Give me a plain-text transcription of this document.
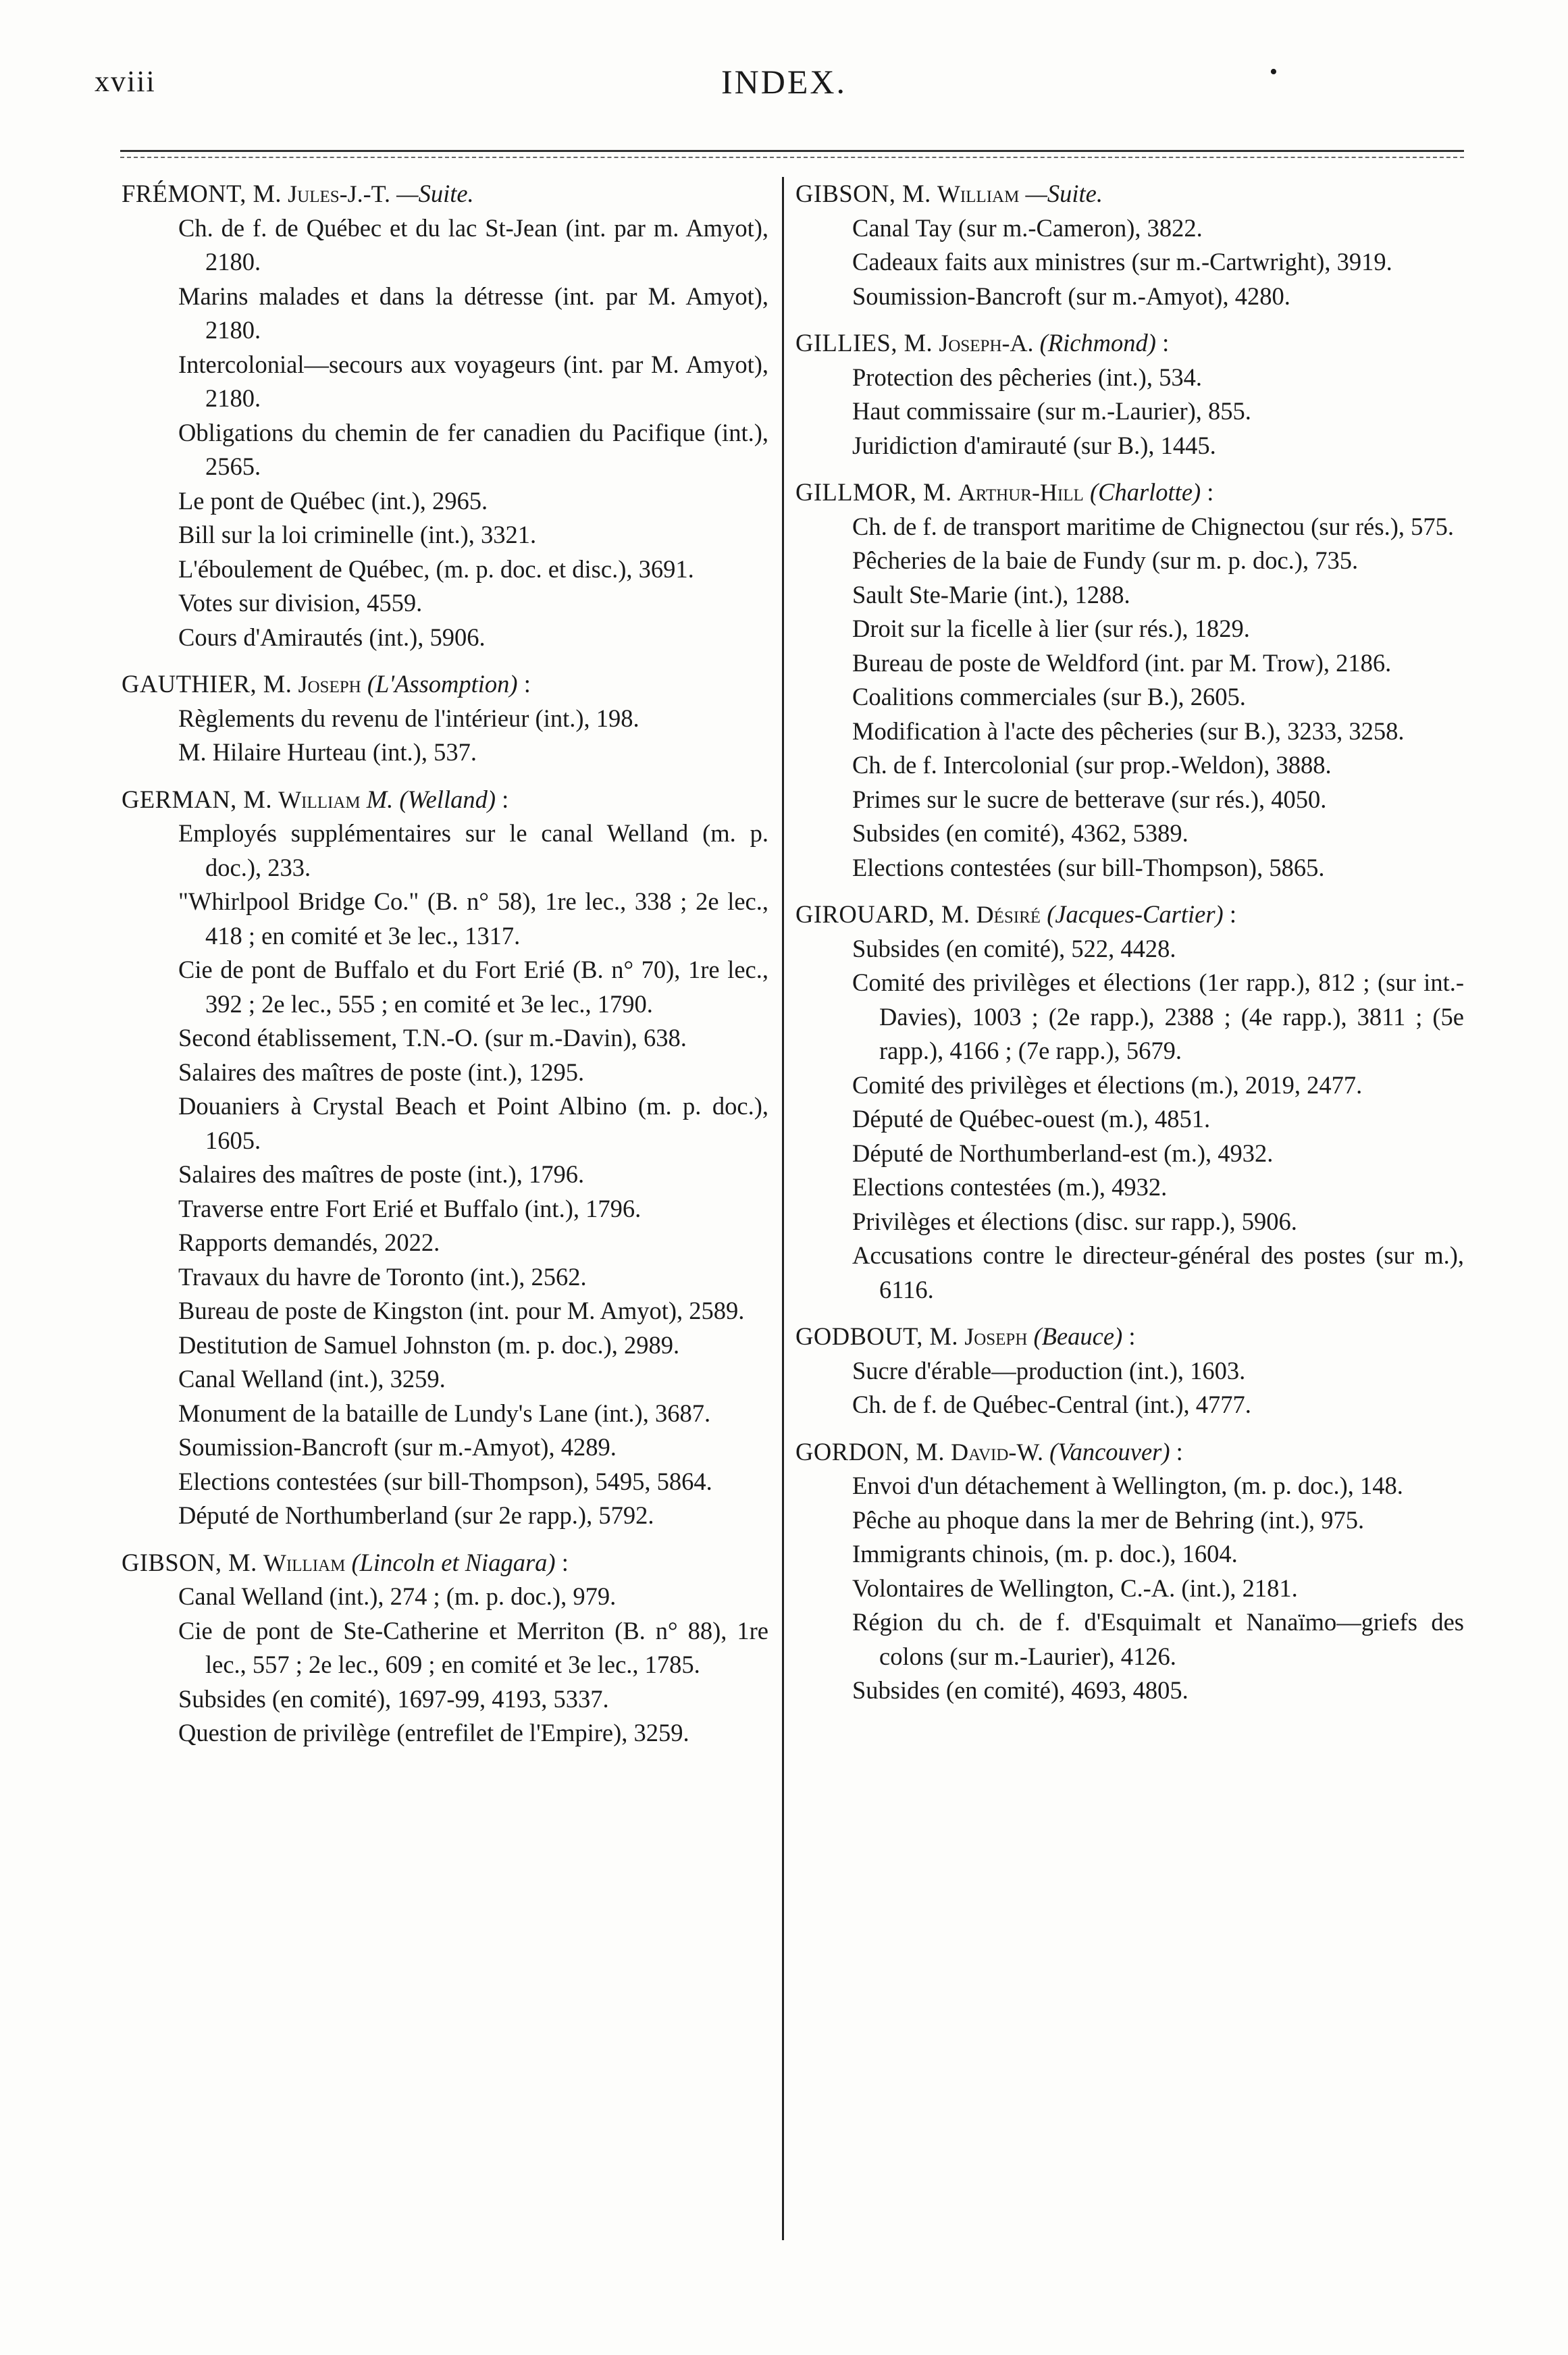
xviii	INDEX.	•
FRÉMONT, M. Jules-J.-T. —Suite.
Ch. de f. de Québec et du lac St-Jean (int. par m. Amyot), 2180.
Marins malades et dans la détresse (int. par M. Amyot), 2180.
Intercolonial—secours aux voyageurs (int. par M. Amyot), 2180.
Obligations du chemin de fer canadien du Pacifique (int.), 2565.
Le pont de Québec (int.), 2965.
Bill sur la loi criminelle (int.), 3321.
L'éboulement de Québec, (m. p. doc. et disc.), 3691.
Votes sur division, 4559.
Cours d'Amirautés (int.), 5906.
GAUTHIER, M. Joseph (L'Assomption) :
Règlements du revenu de l'intérieur (int.), 198.
M. Hilaire Hurteau (int.), 537.
GERMAN, M. William M. (Welland) :
Employés supplémentaires sur le canal Welland (m. p. doc.), 233.
"Whirlpool Bridge Co." (B. n° 58), 1re lec., 338 ; 2e lec., 418 ; en comité et 3e lec., 1317.
Cie de pont de Buffalo et du Fort Erié (B. n° 70), 1re lec., 392 ; 2e lec., 555 ; en comité et 3e lec., 1790.
Second établissement, T.N.-O. (sur m.-Davin), 638.
Salaires des maîtres de poste (int.), 1295.
Douaniers à Crystal Beach et Point Albino (m. p. doc.), 1605.
Salaires des maîtres de poste (int.), 1796.
Traverse entre Fort Erié et Buffalo (int.), 1796.
Rapports demandés, 2022.
Travaux du havre de Toronto (int.), 2562.
Bureau de poste de Kingston (int. pour M. Amyot), 2589.
Destitution de Samuel Johnston (m. p. doc.), 2989.
Canal Welland (int.), 3259.
Monument de la bataille de Lundy's Lane (int.), 3687.
Soumission-Bancroft (sur m.-Amyot), 4289.
Elections contestées (sur bill-Thompson), 5495, 5864.
Député de Northumberland (sur 2e rapp.), 5792.
GIBSON, M. William (Lincoln et Niagara) :
Canal Welland (int.), 274 ; (m. p. doc.), 979.
Cie de pont de Ste-Catherine et Merriton (B. n° 88), 1re lec., 557 ; 2e lec., 609 ; en comité et 3e lec., 1785.
Subsides (en comité), 1697-99, 4193, 5337.
Question de privilège (entrefilet de l'Empire), 3259.
GIBSON, M. William —Suite.
Canal Tay (sur m.-Cameron), 3822.
Cadeaux faits aux ministres (sur m.-Cartwright), 3919.
Soumission-Bancroft (sur m.-Amyot), 4280.
GILLIES, M. Joseph-A. (Richmond) :
Protection des pêcheries (int.), 534.
Haut commissaire (sur m.-Laurier), 855.
Juridiction d'amirauté (sur B.), 1445.
GILLMOR, M. Arthur-Hill (Charlotte) :
Ch. de f. de transport maritime de Chignectou (sur rés.), 575.
Pêcheries de la baie de Fundy (sur m. p. doc.), 735.
Sault Ste-Marie (int.), 1288.
Droit sur la ficelle à lier (sur rés.), 1829.
Bureau de poste de Weldford (int. par M. Trow), 2186.
Coalitions commerciales (sur B.), 2605.
Modification à l'acte des pêcheries (sur B.), 3233, 3258.
Ch. de f. Intercolonial (sur prop.-Weldon), 3888.
Primes sur le sucre de betterave (sur rés.), 4050.
Subsides (en comité), 4362, 5389.
Elections contestées (sur bill-Thompson), 5865.
GIROUARD, M. Désiré (Jacques-Cartier) :
Subsides (en comité), 522, 4428.
Comité des privilèges et élections (1er rapp.), 812 ; (sur int.-Davies), 1003 ; (2e rapp.), 2388 ; (4e rapp.), 3811 ; (5e rapp.), 4166 ; (7e rapp.), 5679.
Comité des privilèges et élections (m.), 2019, 2477.
Député de Québec-ouest (m.), 4851.
Député de Northumberland-est (m.), 4932.
Elections contestées (m.), 4932.
Privilèges et élections (disc. sur rapp.), 5906.
Accusations contre le directeur-général des postes (sur m.), 6116.
GODBOUT, M. Joseph (Beauce) :
Sucre d'érable—production (int.), 1603.
Ch. de f. de Québec-Central (int.), 4777.
GORDON, M. David-W. (Vancouver) :
Envoi d'un détachement à Wellington, (m. p. doc.), 148.
Pêche au phoque dans la mer de Behring (int.), 975.
Immigrants chinois, (m. p. doc.), 1604.
Volontaires de Wellington, C.-A. (int.), 2181.
Région du ch. de f. d'Esquimalt et Nanaïmo—griefs des colons (sur m.-Laurier), 4126.
Subsides (en comité), 4693, 4805.
